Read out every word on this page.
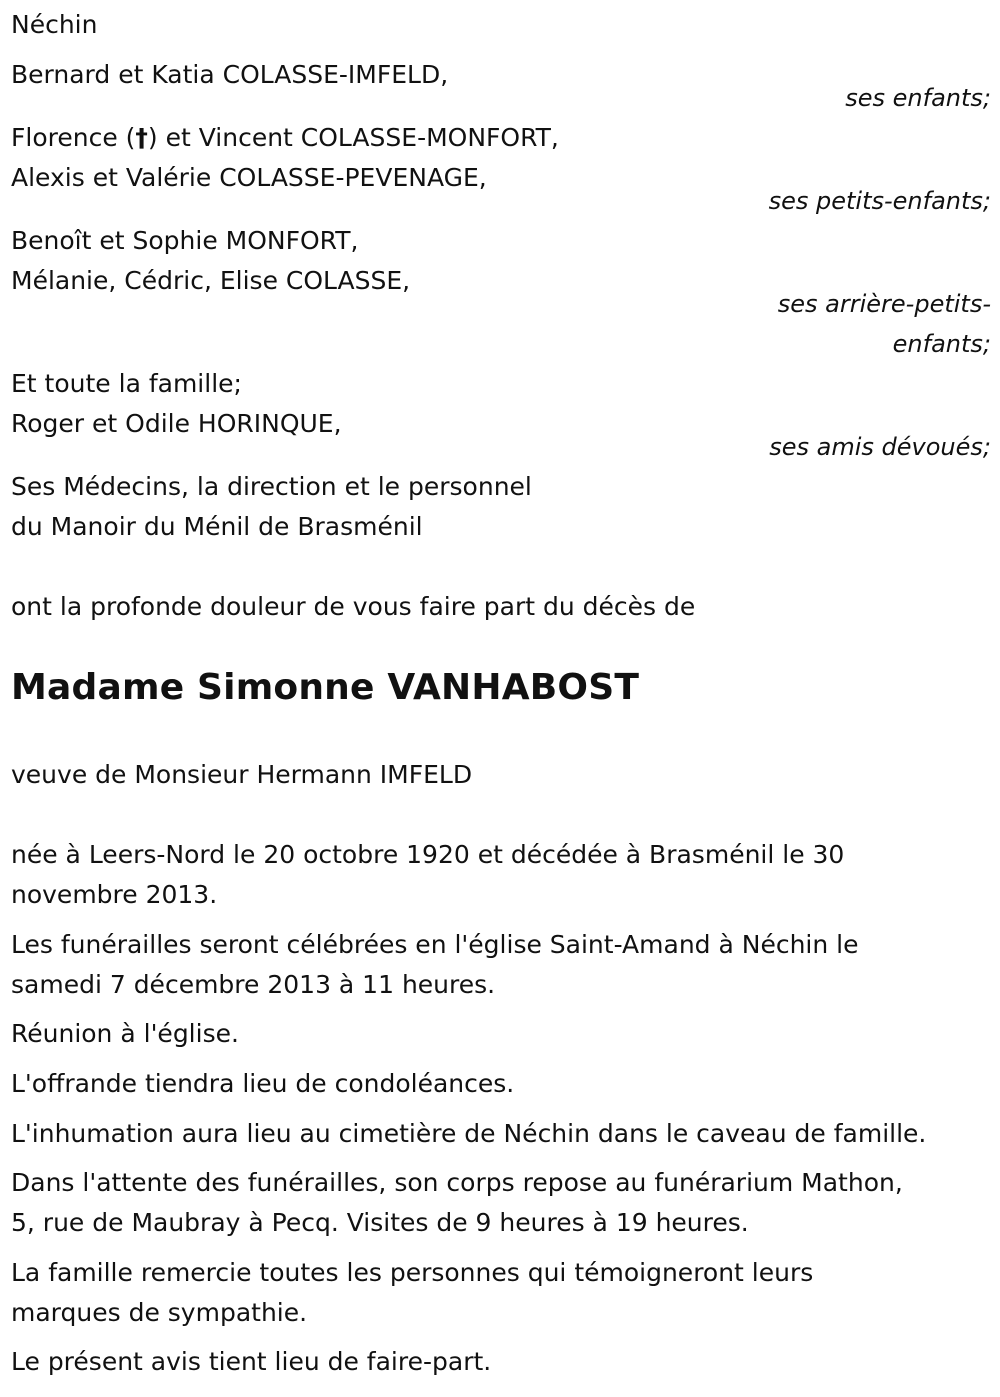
Néchin

Bernard et Katia COLASSE-IMFELD,

ses enfants;

Florence (†) et Vincent COLASSE-MONFORT,

Alexis et Valérie COLASSE-PEVENAGE,

ses petits-enfants;

Benoît et Sophie MONFORT,

Mélanie, Cédric, Elise COLASSE,

ses arrière-petits-

enfants;

Et toute la famille;

Roger et Odile HORINQUE,

ses amis dévoués;

Ses Médecins, la direction et le personnel

du Manoir du Ménil de Brasménil

ont la profonde douleur de vous faire part du décès de

Madame Simonne VANHABOST

veuve de Monsieur Hermann IMFELD

née à Leers-Nord le 20 octobre 1920 et décédée à Brasménil le 30

novembre 2013.

Les funérailles seront célébrées en l'église Saint-Amand à Néchin le

samedi 7 décembre 2013 à 11 heures.

Réunion à l'église.

L'offrande tiendra lieu de condoléances.

L'inhumation aura lieu au cimetière de Néchin dans le caveau de famille.

Dans l'attente des funérailles, son corps repose au funérarium Mathon,

5, rue de Maubray à Pecq. Visites de 9 heures à 19 heures.

La famille remercie toutes les personnes qui témoigneront leurs

marques de sympathie.

Le présent avis tient lieu de faire-part.
